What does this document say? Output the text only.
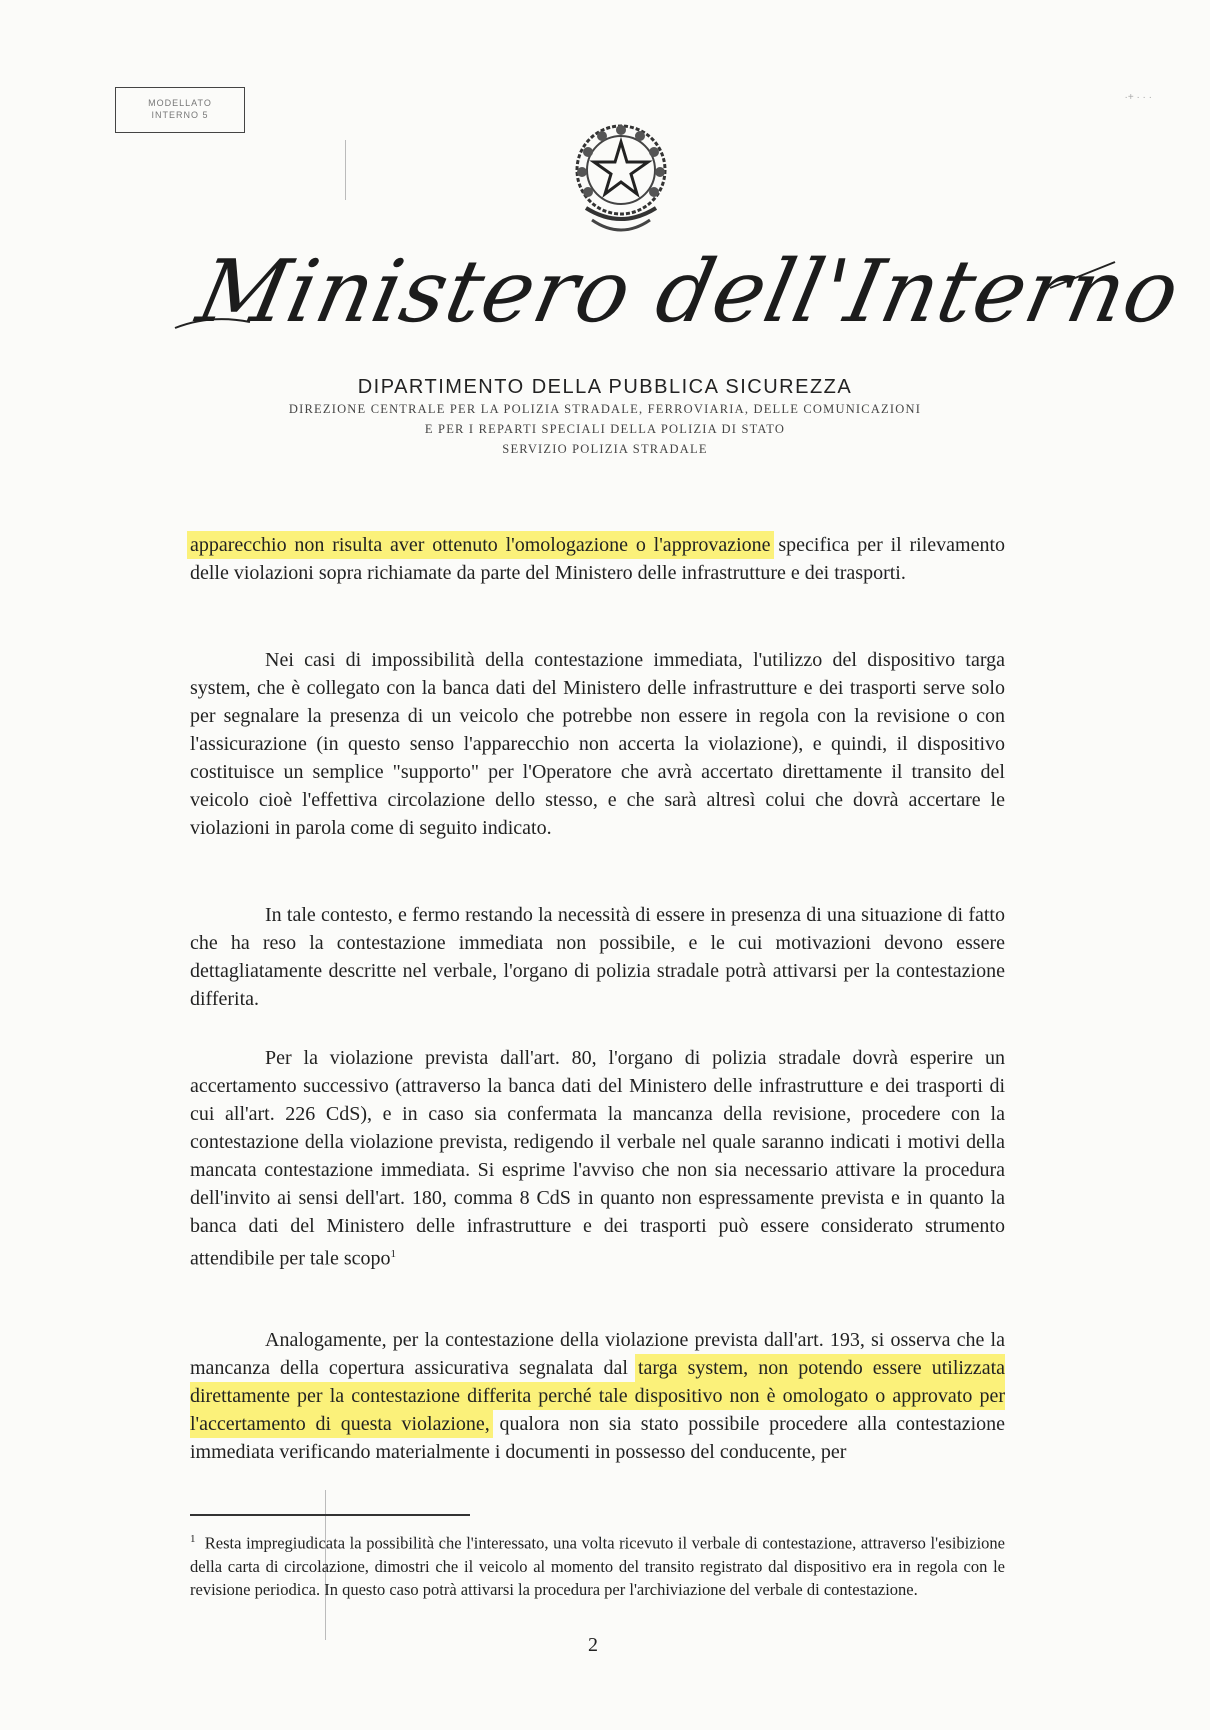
MODELLATO
INTERNO 5
·+ · · ·
Ministero dell'Interno
DIPARTIMENTO DELLA PUBBLICA SICUREZZA
DIREZIONE CENTRALE PER LA POLIZIA STRADALE, FERROVIARIA, DELLE COMUNICAZIONI
E PER I REPARTI SPECIALI DELLA POLIZIA DI STATO
SERVIZIO POLIZIA STRADALE

apparecchio non risulta aver ottenuto l'omologazione o l'approvazione specifica per il rilevamento delle violazioni sopra richiamate da parte del Ministero delle infrastrutture e dei trasporti.

Nei casi di impossibilità della contestazione immediata, l'utilizzo del dispositivo targa system, che è collegato con la banca dati del Ministero delle infrastrutture e dei trasporti serve solo per segnalare la presenza di un veicolo che potrebbe non essere in regola con la revisione o con l'assicurazione (in questo senso l'apparecchio non accerta la violazione), e quindi, il dispositivo costituisce un semplice "supporto" per l'Operatore che avrà accertato direttamente il transito del veicolo cioè l'effettiva circolazione dello stesso, e che sarà altresì colui che dovrà accertare le violazioni in parola come di seguito indicato.

In tale contesto, e fermo restando la necessità di essere in presenza di una situazione di fatto che ha reso la contestazione immediata non possibile, e le cui motivazioni devono essere dettagliatamente descritte nel verbale, l'organo di polizia stradale potrà attivarsi per la contestazione differita.

Per la violazione prevista dall'art. 80, l'organo di polizia stradale dovrà esperire un accertamento successivo (attraverso la banca dati del Ministero delle infrastrutture e dei trasporti di cui all'art. 226 CdS), e in caso sia confermata la mancanza della revisione, procedere con la contestazione della violazione prevista, redigendo il verbale nel quale saranno indicati i motivi della mancata contestazione immediata. Si esprime l'avviso che non sia necessario attivare la procedura dell'invito ai sensi dell'art. 180, comma 8 CdS in quanto non espressamente prevista e in quanto la banca dati del Ministero delle infrastrutture e dei trasporti può essere considerato strumento attendibile per tale scopo$^1$

Analogamente, per la contestazione della violazione prevista dall'art. 193, si osserva che la mancanza della copertura assicurativa segnalata dal targa system, non potendo essere utilizzata direttamente per la contestazione differita perché tale dispositivo non è omologato o approvato per l'accertamento di questa violazione, qualora non sia stato possibile procedere alla contestazione immediata verificando materialmente i documenti in possesso del conducente, per

$^1$ Resta impregiudicata la possibilità che l'interessato, una volta ricevuto il verbale di contestazione, attraverso l'esibizione della carta di circolazione, dimostri che il veicolo al momento del transito registrato dal dispositivo era in regola con le revisione periodica. In questo caso potrà attivarsi la procedura per l'archiviazione del verbale di contestazione.

2
